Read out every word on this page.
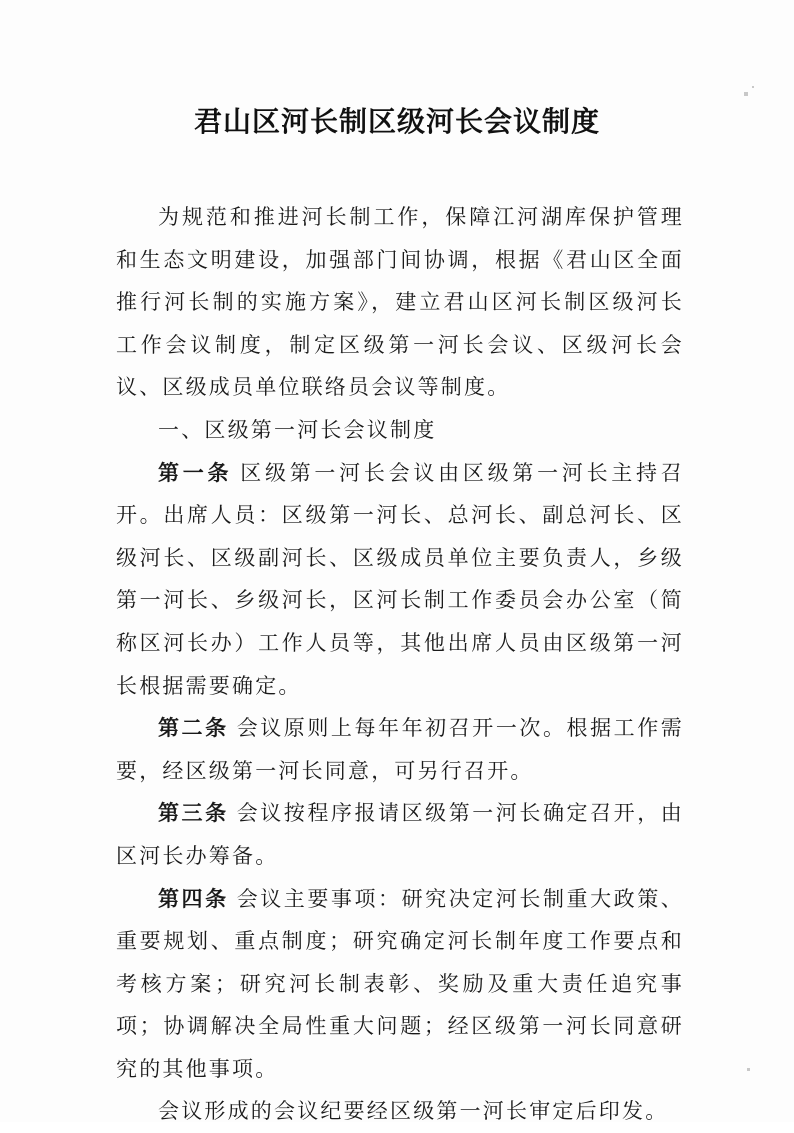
君山区河长制区级河长会议制度

为规范和推进河长制工作，保障江河湖库保护管理和生态文明建设，加强部门间协调，根据《君山区全面推行河长制的实施方案》，建立君山区河长制区级河长工作会议制度，制定区级第一河长会议、区级河长会议、区级成员单位联络员会议等制度。

一、区级第一河长会议制度

第一条 区级第一河长会议由区级第一河长主持召开。出席人员：区级第一河长、总河长、副总河长、区级河长、区级副河长、区级成员单位主要负责人，乡级第一河长、乡级河长，区河长制工作委员会办公室（简称区河长办）工作人员等，其他出席人员由区级第一河长根据需要确定。

第二条 会议原则上每年年初召开一次。根据工作需要，经区级第一河长同意，可另行召开。

第三条 会议按程序报请区级第一河长确定召开，由区河长办筹备。

第四条 会议主要事项：研究决定河长制重大政策、重要规划、重点制度；研究确定河长制年度工作要点和考核方案；研究河长制表彰、奖励及重大责任追究事项；协调解决全局性重大问题；经区级第一河长同意研究的其他事项。

会议形成的会议纪要经区级第一河长审定后印发。
